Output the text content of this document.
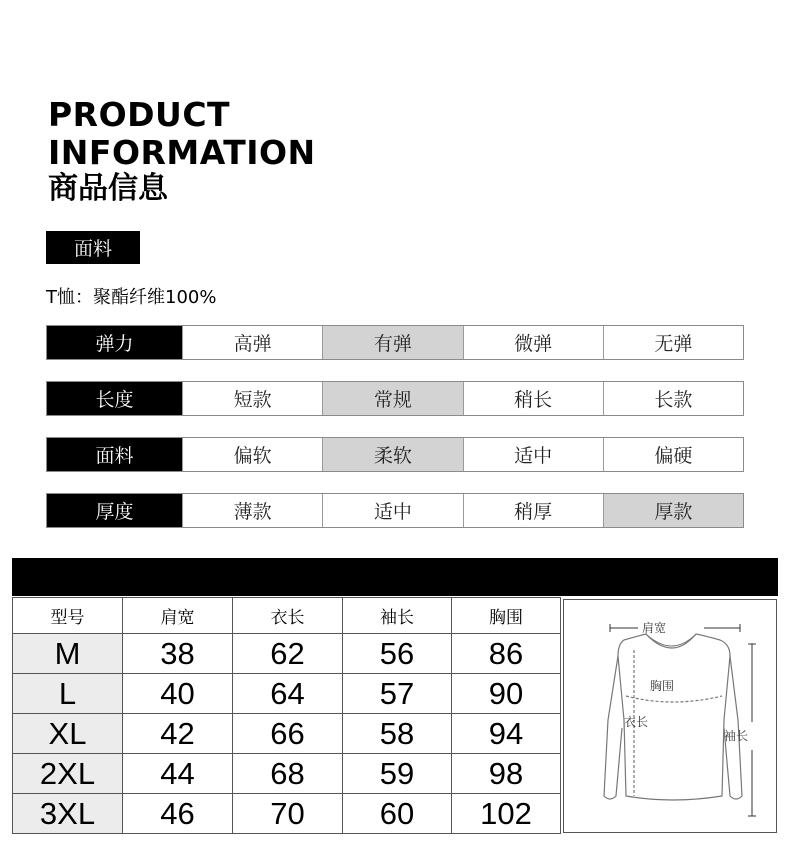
PRODUCT
INFORMATION
商品信息
面料
T恤：聚酯纤维100%
弹力	高弹	有弹	微弹	无弹
长度	短款	常规	稍长	长款
面料	偏软	柔软	适中	偏硬
厚度	薄款	适中	稍厚	厚款
型号	肩宽	衣长	袖长	胸围
M	38	62	56	86
L	40	64	57	90
XL	42	66	58	94
2XL	44	68	59	98
3XL	46	70	60	102
肩宽
胸围
衣长
袖长
